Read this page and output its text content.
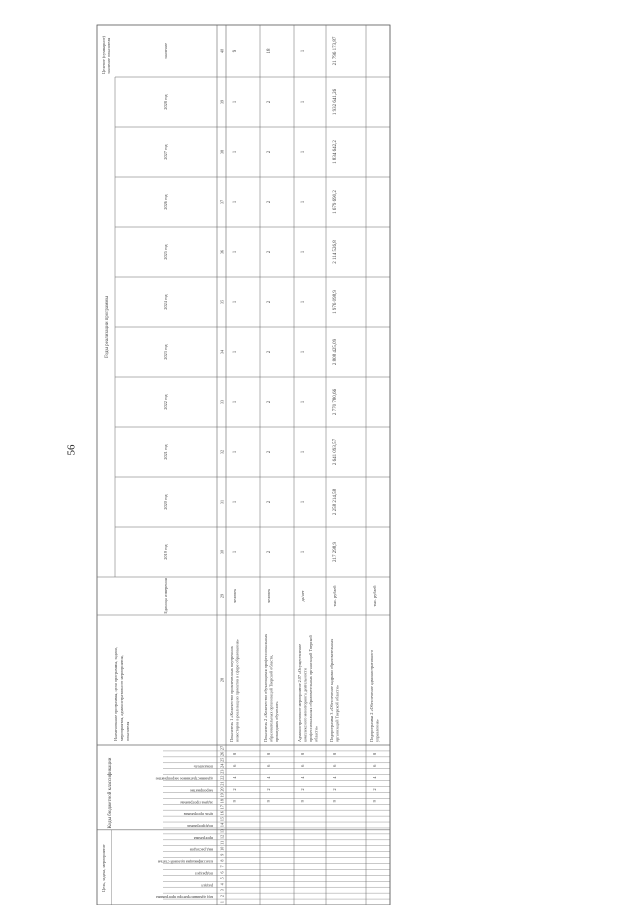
56
Коды бюджетной классификации
Цель, задача, мероприятие
Наименование программы, цели программы, задачи, мероприятия, административного мероприятия, показателя
Единица измерения
Годы реализации программы
Целевое (суммарное) значение показателя	значение
2019 год
2020 год
2021 год
2022 год
2023 год
2024 год
2025 год
2026 год
2027 год
2028 год
код администратора программы
раздел
подраздел
классификация целевой статьи
вид расходов
программа
подпрограмма
цель программы
задача программы
мероприятие
административное мероприятие
показатель
1
2
3
4
5
6
7
8
9
10
11
12
13
14
15
16
17
18
19
20
21
22
23
24
25
26
27
28
29
30
31
32
33
34
35
36
37
38
39
40
Показатель 1 «Количество привлеченных внутренних инвесторов в реализацию проектов в сфере образования»
человек
1
1
1
1
1
1
1
1
1
1
9
9
2
4
6
8
Показатель 2 «Количество обучающихся профессиональных образовательных организаций Тверской области, прошедших обучение»
человек
2
2
2
2
2
2
2
2
2
2
18
9
2
4
6
8
Административное мероприятие 2.07 «Осуществление комплексного мониторинга деятельности профессиональных образовательных организаций Тверской области»
да/нет
1
1
1
1
1
1
1
1
1
1
1
9
2
4
6
8
Подпрограмма 3 «Обеспечение кадрами образовательных организаций Тверской области»
тыс. рублей
217 298,9
2 258 214,58
2 641 093,57
2 770 780,66
2 808 425,09
1 976 098,9
2 114 526,8
1 679 690,2
1 834 642,2
1 932 641,26
21 796 173,87
9
2
4
6
8
Подпрограмма 2 «Обеспечение административного управления»
тыс. рублей
9
2
4
6
8
